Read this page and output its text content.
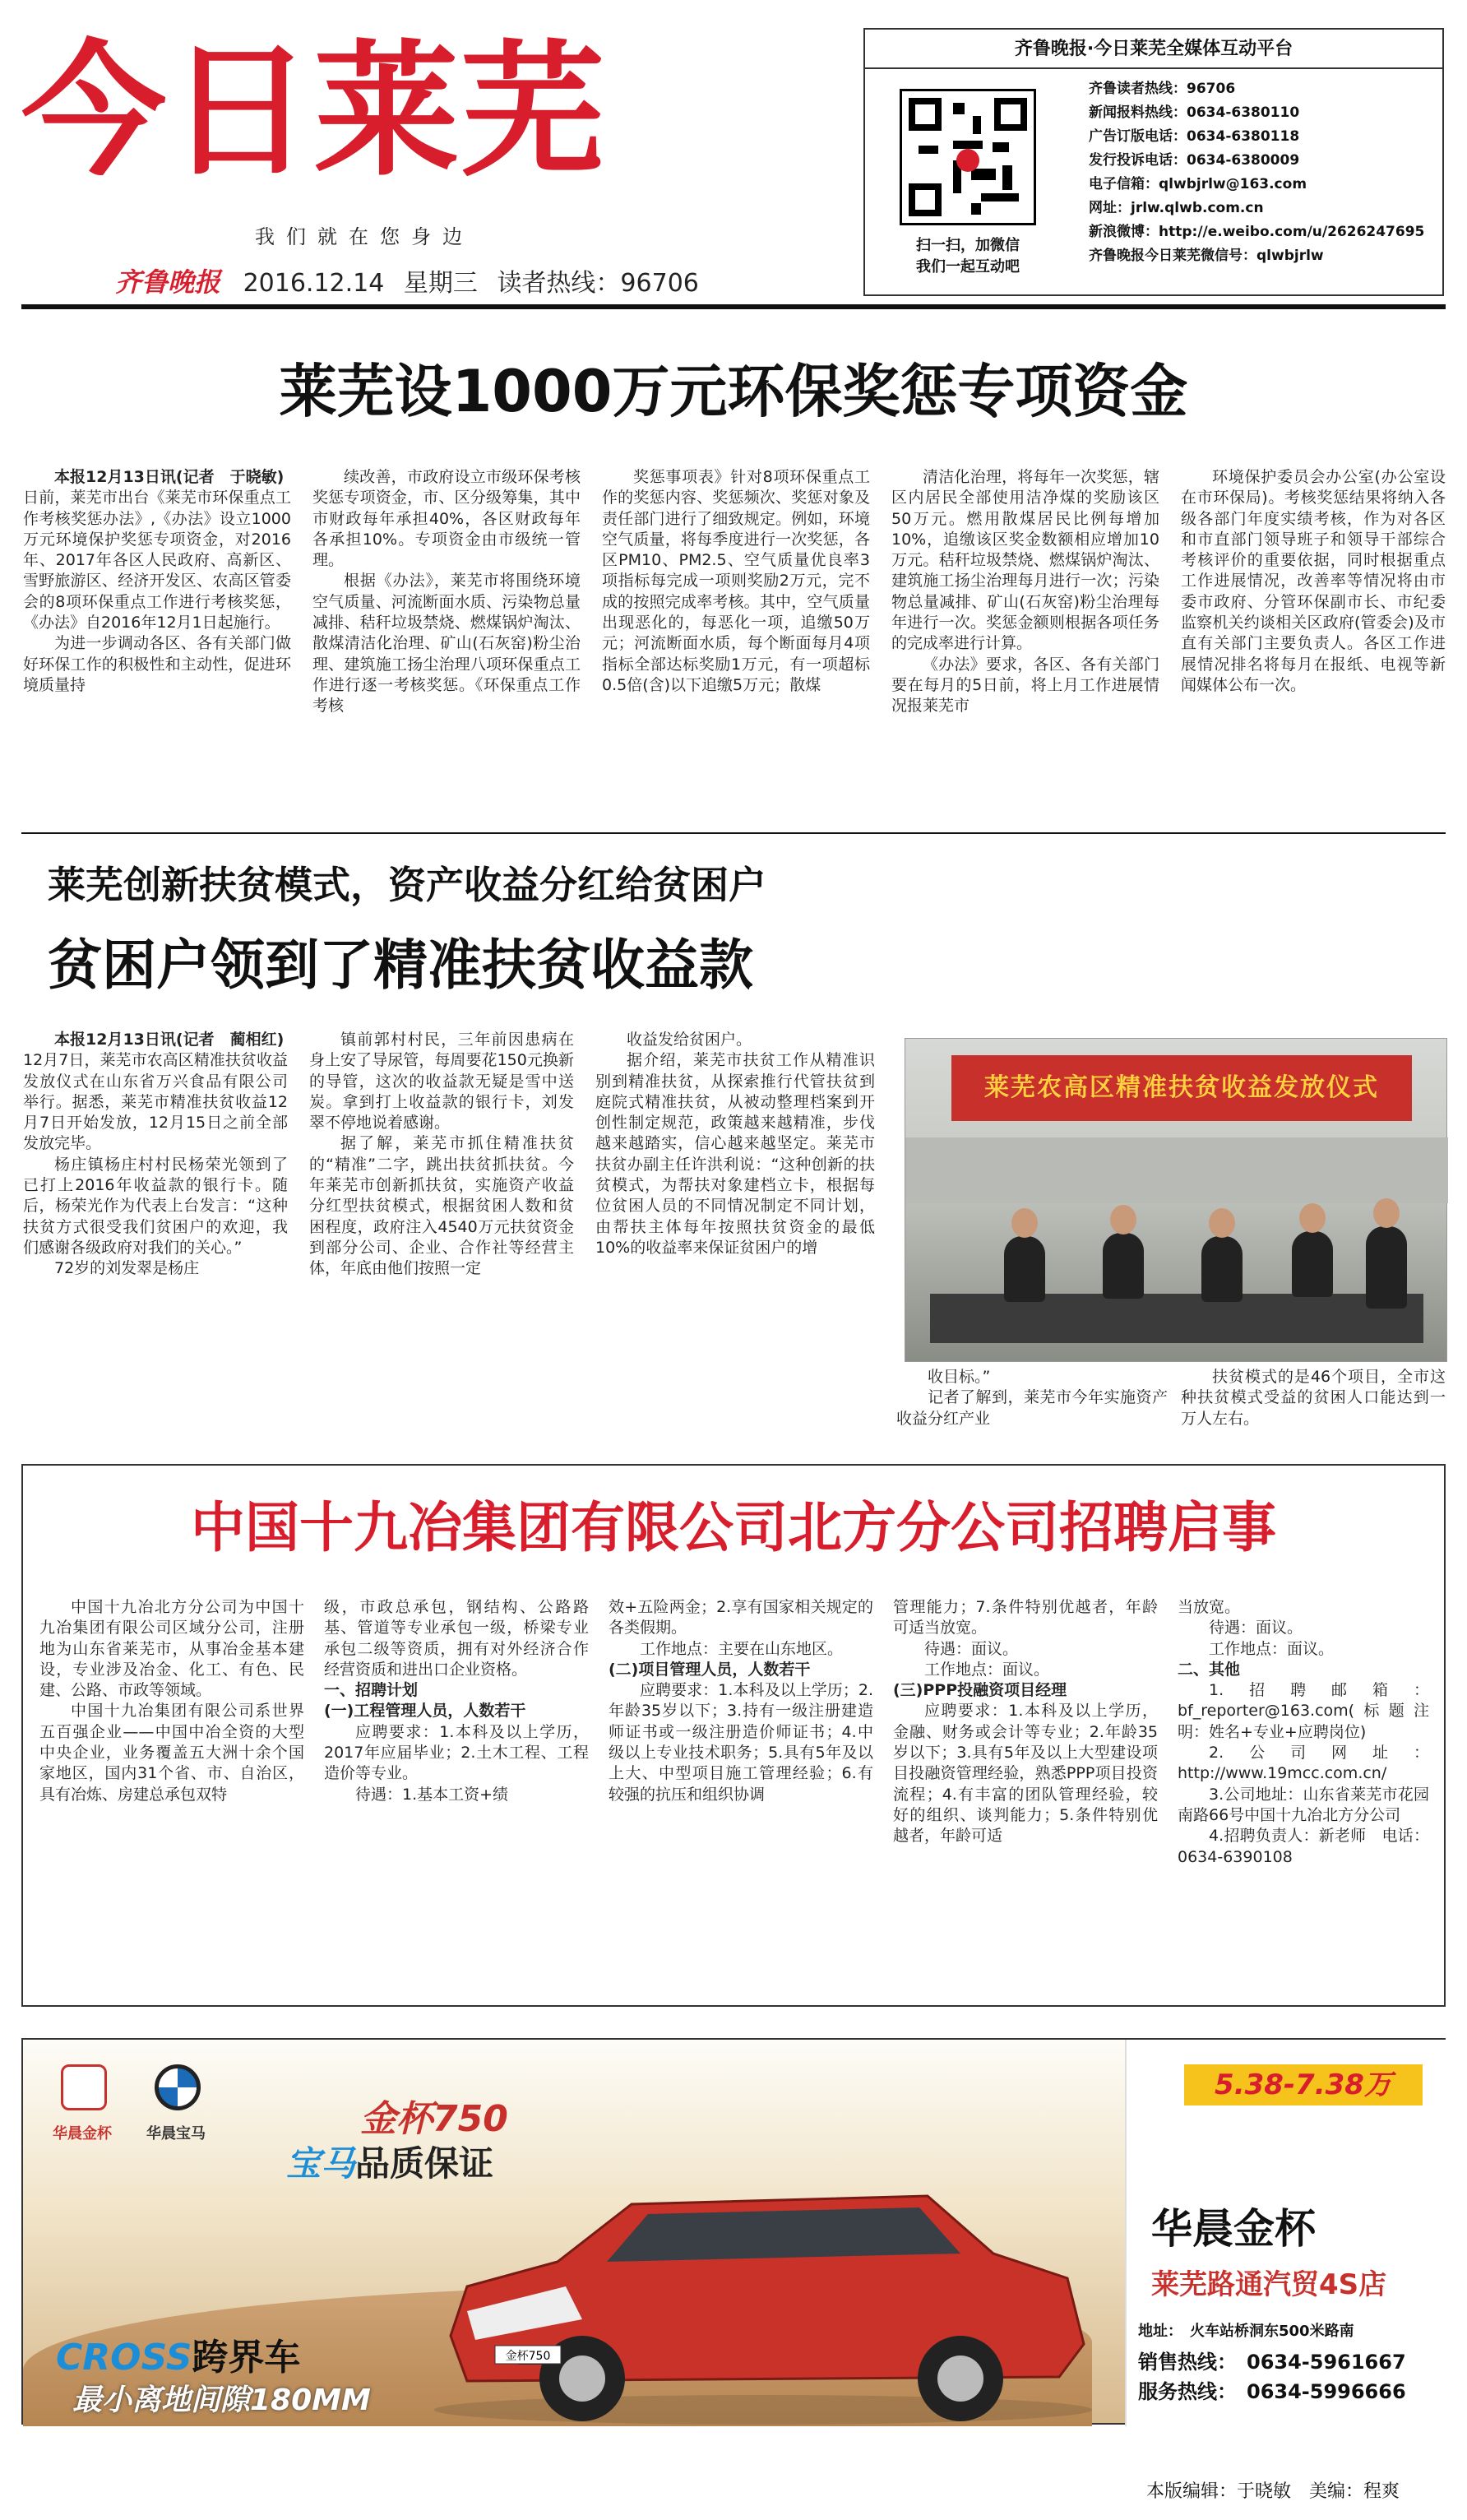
今日莱芜
我们就在您身边
齐鲁晚报 2016.12.14 星期三 读者热线：96706
齐鲁晚报·今日莱芜全媒体互动平台
扫一扫，加微信
我们一起互动吧
齐鲁读者热线：96706
新闻报料热线：0634-6380110
广告订版电话：0634-6380118
发行投诉电话：0634-6380009
电子信箱：qlwbjrlw@163.com
网址：jrlw.qlwb.com.cn
新浪微博：http://e.weibo.com/u/2626247695
齐鲁晚报今日莱芜微信号：qlwbjrlw
莱芜设1000万元环保奖惩专项资金

本报12月13日讯(记者　于晓敏)　日前，莱芜市出台《莱芜市环保重点工作考核奖惩办法》,《办法》设立1000万元环境保护奖惩专项资金，对2016年、2017年各区人民政府、高新区、雪野旅游区、经济开发区、农高区管委会的8项环保重点工作进行考核奖惩，《办法》自2016年12月1日起施行。

为进一步调动各区、各有关部门做好环保工作的积极性和主动性，促进环境质量持

续改善，市政府设立市级环保考核奖惩专项资金，市、区分级筹集，其中市财政每年承担40%，各区财政每年各承担10%。专项资金由市级统一管理。

根据《办法》，莱芜市将围绕环境空气质量、河流断面水质、污染物总量减排、秸秆垃圾禁烧、燃煤锅炉淘汰、散煤清洁化治理、矿山(石灰窑)粉尘治理、建筑施工扬尘治理八项环保重点工作进行逐一考核奖惩。《环保重点工作考核

奖惩事项表》针对8项环保重点工作的奖惩内容、奖惩频次、奖惩对象及责任部门进行了细致规定。例如，环境空气质量，将每季度进行一次奖惩，各区PM10、PM2.5、空气质量优良率3项指标每完成一项则奖励2万元，完不成的按照完成率考核。其中，空气质量出现恶化的，每恶化一项，追缴50万元；河流断面水质，每个断面每月4项指标全部达标奖励1万元，有一项超标0.5倍(含)以下追缴5万元；散煤

清洁化治理，将每年一次奖惩，辖区内居民全部使用洁净煤的奖励该区50万元。燃用散煤居民比例每增加10%，追缴该区奖金数额相应增加10万元。秸秆垃圾禁烧、燃煤锅炉淘汰、建筑施工扬尘治理每月进行一次；污染物总量减排、矿山(石灰窑)粉尘治理每年进行一次。奖惩金额则根据各项任务的完成率进行计算。

《办法》要求，各区、各有关部门要在每月的5日前，将上月工作进展情况报莱芜市

环境保护委员会办公室(办公室设在市环保局)。考核奖惩结果将纳入各级各部门年度实绩考核，作为对各区和市直部门领导班子和领导干部综合考核评价的重要依据，同时根据重点工作进展情况，改善率等情况将由市委市政府、分管环保副市长、市纪委监察机关约谈相关区政府(管委会)及市直有关部门主要负责人。各区工作进展情况排名将每月在报纸、电视等新闻媒体公布一次。

莱芜创新扶贫模式，资产收益分红给贫困户
贫困户领到了精准扶贫收益款

本报12月13日讯(记者　蔺相红)　12月7日，莱芜市农高区精准扶贫收益发放仪式在山东省万兴食品有限公司举行。据悉，莱芜市精准扶贫收益12月7日开始发放，12月15日之前全部发放完毕。

杨庄镇杨庄村村民杨荣光领到了已打上2016年收益款的银行卡。随后，杨荣光作为代表上台发言：“这种扶贫方式很受我们贫困户的欢迎，我们感谢各级政府对我们的关心。”

72岁的刘发翠是杨庄

镇前郭村村民，三年前因患病在身上安了导尿管，每周要花150元换新的导管，这次的收益款无疑是雪中送炭。拿到打上收益款的银行卡，刘发翠不停地说着感谢。

据了解，莱芜市抓住精准扶贫的“精准”二字，跳出扶贫抓扶贫。今年莱芜市创新抓扶贫，实施资产收益分红型扶贫模式，根据贫困人数和贫困程度，政府注入4540万元扶贫资金到部分公司、企业、合作社等经营主体，年底由他们按照一定

收益发给贫困户。

据介绍，莱芜市扶贫工作从精准识别到精准扶贫，从探索推行代管扶贫到庭院式精准扶贫，从被动整理档案到开创性制定规范，政策越来越精准，步伐越来越踏实，信心越来越坚定。莱芜市扶贫办副主任许洪利说：“这种创新的扶贫模式，为帮扶对象建档立卡，根据每位贫困人员的不同情况制定不同计划，由帮扶主体每年按照扶贫资金的最低10%的收益率来保证贫困户的增

收目标。”

记者了解到，莱芜市今年实施资产收益分红产业

扶贫模式的是46个项目，全市这种扶贫模式受益的贫困人口能达到一万人左右。

莱芜农高区精准扶贫收益发放仪式
中国十九冶集团有限公司北方分公司招聘启事

中国十九冶北方分公司为中国十九冶集团有限公司区域分公司，注册地为山东省莱芜市，从事冶金基本建设，专业涉及冶金、化工、有色、民建、公路、市政等领域。

中国十九冶集团有限公司系世界五百强企业——中国中冶全资的大型中央企业，业务覆盖五大洲十余个国家地区，国内31个省、市、自治区，具有冶炼、房建总承包双特

级，市政总承包，钢结构、公路路基、管道等专业承包一级，桥梁专业承包二级等资质，拥有对外经济合作经营资质和进出口企业资格。

一、招聘计划

(一)工程管理人员，人数若干

应聘要求：1.本科及以上学历，2017年应届毕业；2.土木工程、工程造价等专业。

待遇：1.基本工资+绩

效+五险两金；2.享有国家相关规定的各类假期。

工作地点：主要在山东地区。

(二)项目管理人员，人数若干

应聘要求：1.本科及以上学历；2.年龄35岁以下；3.持有一级注册建造师证书或一级注册造价师证书；4.中级以上专业技术职务；5.具有5年及以上大、中型项目施工管理经验；6.有较强的抗压和组织协调

管理能力；7.条件特别优越者，年龄可适当放宽。

待遇：面议。

工作地点：面议。

(三)PPP投融资项目经理

应聘要求：1.本科及以上学历，金融、财务或会计等专业；2.年龄35岁以下；3.具有5年及以上大型建设项目投融资管理经验，熟悉PPP项目投资流程；4.有丰富的团队管理经验，较好的组织、谈判能力；5.条件特别优越者，年龄可适

当放宽。

待遇：面议。

工作地点：面议。

二、其他

1.招聘邮箱：bf_reporter@163.com(标题注明：姓名+专业+应聘岗位)

2.公司网址：http://www.19mcc.com.cn/

3.公司地址：山东省莱芜市花园南路66号中国十九冶北方分公司

4.招聘负责人：新老师　电话：0634-6390108

华晨金杯 华晨宝马	金杯750
宝马品质保证
CROSS跨界车
最小离地间隙180MM
金杯750
5.38-7.38万
华晨金杯
莱芜路通汽贸4S店
地址：　火车站桥洞东500米路南
销售热线：　0634-5961667
服务热线：　0634-5996666
本版编辑：于晓敏　美编：程爽
